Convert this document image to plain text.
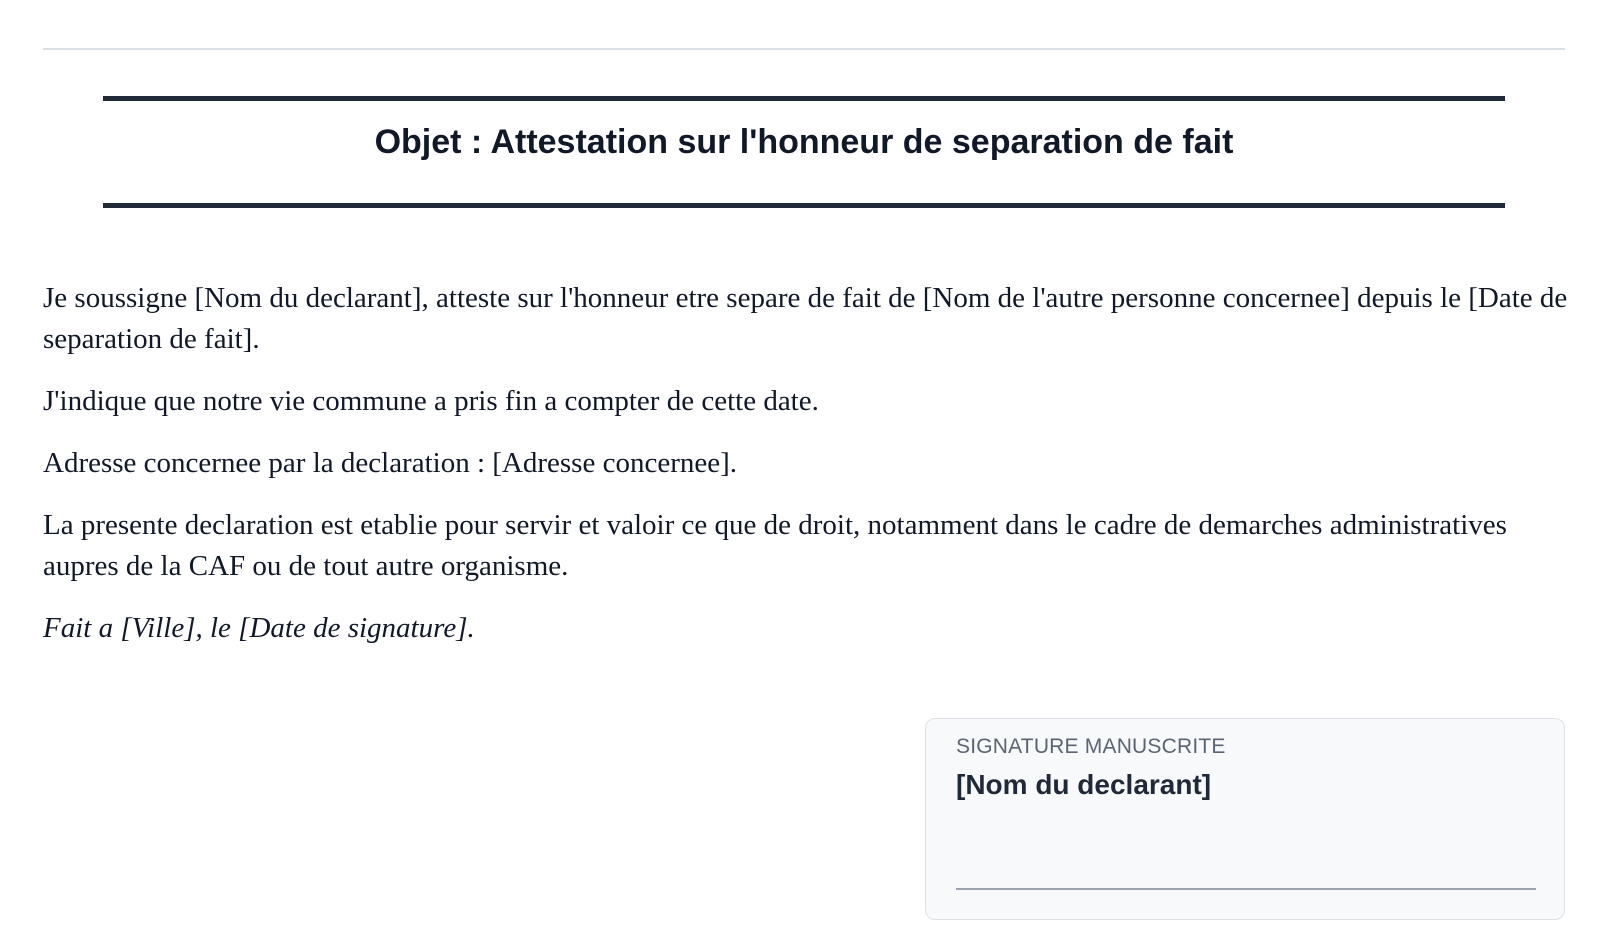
Objet : Attestation sur l'honneur de separation de fait

Je soussigne [Nom du declarant], atteste sur l'honneur etre separe de fait de [Nom de l'autre personne concernee] depuis le [Date de separation de fait].

J'indique que notre vie commune a pris fin a compter de cette date.

Adresse concernee par la declaration : [Adresse concernee].

La presente declaration est etablie pour servir et valoir ce que de droit, notamment dans le cadre de demarches administratives aupres de la CAF ou de tout autre organisme.

Fait a [Ville], le [Date de signature].

SIGNATURE MANUSCRITE

[Nom du declarant]
